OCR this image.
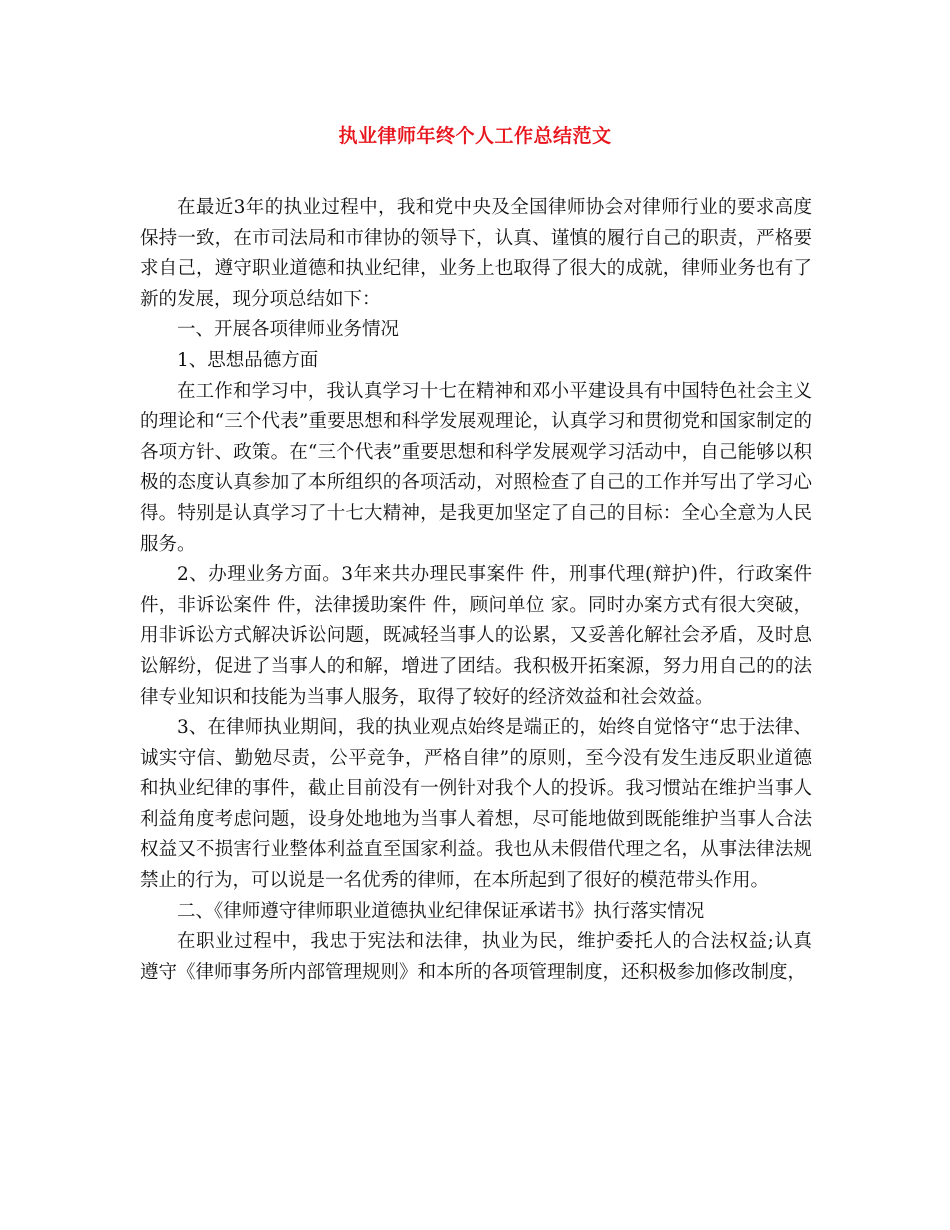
执业律师年终个人工作总结范文

在最近3年的执业过程中，我和党中央及全国律师协会对律师行业的要求高度保持一致，在市司法局和市律协的领导下，认真、谨慎的履行自己的职责，严格要求自己，遵守职业道德和执业纪律，业务上也取得了很大的成就，律师业务也有了新的发展，现分项总结如下：

一、开展各项律师业务情况

1、思想品德方面

在工作和学习中，我认真学习十七在精神和邓小平建设具有中国特色社会主义的理论和“三个代表”重要思想和科学发展观理论，认真学习和贯彻党和国家制定的各项方针、政策。在“三个代表”重要思想和科学发展观学习活动中，自己能够以积极的态度认真参加了本所组织的各项活动，对照检查了自己的工作并写出了学习心得。特别是认真学习了十七大精神，是我更加坚定了自己的目标：全心全意为人民服务。

2、办理业务方面。3年来共办理民事案件 件，刑事代理(辩护)件，行政案件 件，非诉讼案件 件，法律援助案件 件，顾问单位 家。同时办案方式有很大突破，用非诉讼方式解决诉讼问题，既减轻当事人的讼累，又妥善化解社会矛盾，及时息讼解纷，促进了当事人的和解，增进了团结。我积极开拓案源，努力用自己的的法律专业知识和技能为当事人服务，取得了较好的经济效益和社会效益。

3、在律师执业期间，我的执业观点始终是端正的，始终自觉恪守“忠于法律、诚实守信、勤勉尽责，公平竞争，严格自律”的原则，至今没有发生违反职业道德和执业纪律的事件，截止目前没有一例针对我个人的投诉。我习惯站在维护当事人利益角度考虑问题，设身处地地为当事人着想，尽可能地做到既能维护当事人合法权益又不损害行业整体利益直至国家利益。我也从未假借代理之名，从事法律法规禁止的行为，可以说是一名优秀的律师，在本所起到了很好的模范带头作用。

二、《律师遵守律师职业道德执业纪律保证承诺书》执行落实情况

在职业过程中，我忠于宪法和法律，执业为民，维护委托人的合法权益;认真遵守《律师事务所内部管理规则》和本所的各项管理制度，还积极参加修改制度，
